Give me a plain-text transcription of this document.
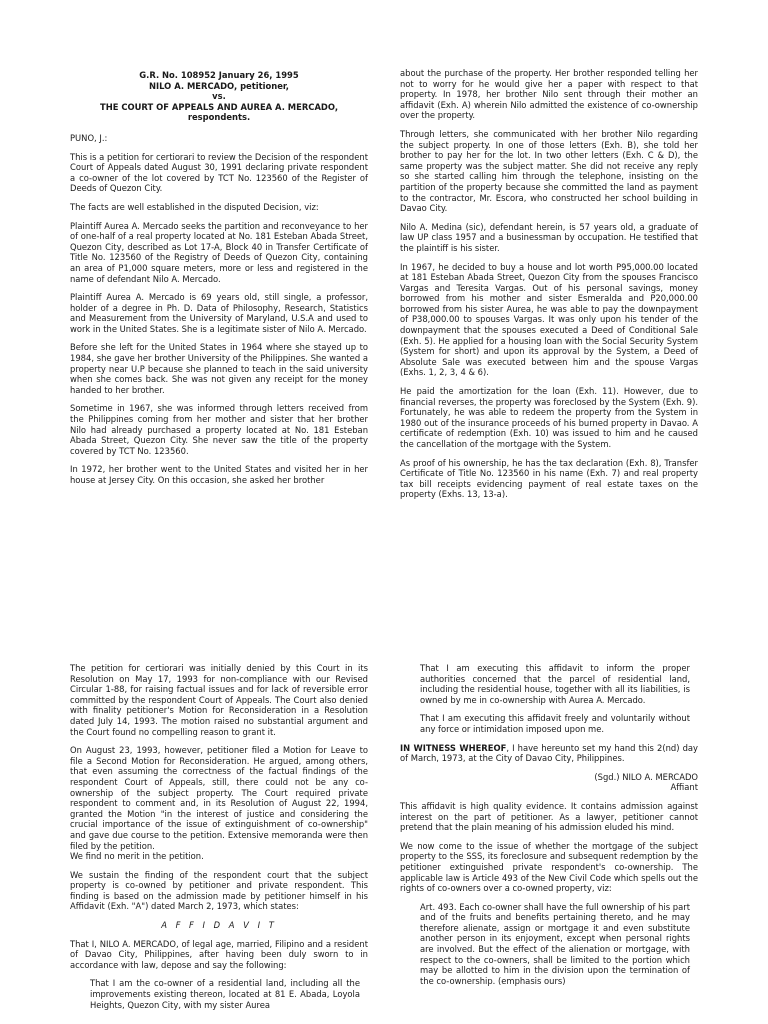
G.R. No. 108952 January 26, 1995
NILO A. MERCADO, petitioner,
vs.
THE COURT OF APPEALS AND AUREA A. MERCADO,
respondents.

PUNO, J.:

This is a petition for certiorari to review the Decision of the respondent Court of Appeals dated August 30, 1991 declaring private respondent a co-owner of the lot covered by TCT No. 123560 of the Register of Deeds of Quezon City.

The facts are well established in the disputed Decision, viz:

Plaintiff Aurea A. Mercado seeks the partition and reconveyance to her of one-half of a real property located at No. 181 Esteban Abada Street, Quezon City, described as Lot 17-A, Block 40 in Transfer Certificate of Title No. 123560 of the Registry of Deeds of Quezon City, containing an area of P1,000 square meters, more or less and registered in the name of defendant Nilo A. Mercado.

Plaintiff Aurea A. Mercado is 69 years old, still single, a professor, holder of a degree in Ph. D. Data of Philosophy, Research, Statistics and Measurement from the University of Maryland, U.S.A and used to work in the United States. She is a legitimate sister of Nilo A. Mercado.

Before she left for the United States in 1964 where she stayed up to 1984, she gave her brother University of the Philippines. She wanted a property near U.P because she planned to teach in the said university when she comes back. She was not given any receipt for the money handed to her brother.

Sometime in 1967, she was informed through letters received from the Philippines coming from her mother and sister that her brother Nilo had already purchased a property located at No. 181 Esteban Abada Street, Quezon City. She never saw the title of the property covered by TCT No. 123560.

In 1972, her brother went to the United States and visited her in her house at Jersey City. On this occasion, she asked her brother

about the purchase of the property. Her brother responded telling her not to worry for he would give her a paper with respect to that property. In 1978, her brother Nilo sent through their mother an affidavit (Exh. A) wherein Nilo admitted the existence of co-ownership over the property.

Through letters, she communicated with her brother Nilo regarding the subject property. In one of those letters (Exh. B), she told her brother to pay her for the lot. In two other letters (Exh. C & D), the same property was the subject matter. She did not receive any reply so she started calling him through the telephone, insisting on the partition of the property because she committed the land as payment to the contractor, Mr. Escora, who constructed her school building in Davao City.

Nilo A. Medina (sic), defendant herein, is 57 years old, a graduate of law UP class 1957 and a businessman by occupation. He testified that the plaintiff is his sister.

In 1967, he decided to buy a house and lot worth P95,000.00 located at 181 Esteban Abada Street, Quezon City from the spouses Francisco Vargas and Teresita Vargas. Out of his personal savings, money borrowed from his mother and sister Esmeralda and P20,000.00 borrowed from his sister Aurea, he was able to pay the downpayment of P38,000.00 to spouses Vargas. It was only upon his tender of the downpayment that the spouses executed a Deed of Conditional Sale (Exh. 5). He applied for a housing loan with the Social Security System (System for short) and upon its approval by the System, a Deed of Absolute Sale was executed between him and the spouse Vargas (Exhs. 1, 2, 3, 4 & 6).

He paid the amortization for the loan (Exh. 11). However, due to financial reverses, the property was foreclosed by the System (Exh. 9). Fortunately, he was able to redeem the property from the System in 1980 out of the insurance proceeds of his burned property in Davao. A certificate of redemption (Exh. 10) was issued to him and he caused the cancellation of the mortgage with the System.

As proof of his ownership, he has the tax declaration (Exh. 8), Transfer Certificate of Title No. 123560 in his name (Exh. 7) and real property tax bill receipts evidencing payment of real estate taxes on the property (Exhs. 13, 13-a).

The petition for certiorari was initially denied by this Court in its Resolution on May 17, 1993 for non-compliance with our Revised Circular 1-88, for raising factual issues and for lack of reversible error committed by the respondent Court of Appeals. The Court also denied with finality petitioner's Motion for Reconsideration in a Resolution dated July 14, 1993. The motion raised no substantial argument and the Court found no compelling reason to grant it.

On August 23, 1993, however, petitioner filed a Motion for Leave to file a Second Motion for Reconsideration. He argued, among others, that even assuming the correctness of the factual findings of the respondent Court of Appeals, still, there could not be any co-ownership of the subject property. The Court required private respondent to comment and, in its Resolution of August 22, 1994, granted the Motion "in the interest of justice and considering the crucial importance of the issue of extinguishment of co-ownership" and gave due course to the petition. Extensive memoranda were then filed by the petition.

We find no merit in the petition.

We sustain the finding of the respondent court that the subject property is co-owned by petitioner and private respondent. This finding is based on the admission made by petitioner himself in his Affidavit (Exh. "A") dated March 2, 1973, which states:

A F F I D A V I T

That I, NILO A. MERCADO, of legal age, married, Filipino and a resident of Davao City, Philippines, after having been duly sworn to in accordance with law, depose and say the following:

That I am the co-owner of a residential land, including all the improvements existing thereon, located at 81 E. Abada, Loyola Heights, Quezon City, with my sister Aurea

That I am executing this affidavit to inform the proper authorities concerned that the parcel of residential land, including the residential house, together with all its liabilities, is owned by me in co-ownership with Aurea A. Mercado.

That I am executing this affidavit freely and voluntarily without any force or intimidation imposed upon me.

IN WITNESS WHEREOF, I have hereunto set my hand this 2(nd) day of March, 1973, at the City of Davao City, Philippines.

(Sgd.) NILO A. MERCADO

Affiant

This affidavit is high quality evidence. It contains admission against interest on the part of petitioner. As a lawyer, petitioner cannot pretend that the plain meaning of his admission eluded his mind.

We now come to the issue of whether the mortgage of the subject property to the SSS, its foreclosure and subsequent redemption by the petitioner extinguished private respondent's co-ownership. The applicable law is Article 493 of the New Civil Code which spells out the rights of co-owners over a co-owned property, viz:

Art. 493. Each co-owner shall have the full ownership of his part and of the fruits and benefits pertaining thereto, and he may therefore alienate, assign or mortgage it and even substitute another person in its enjoyment, except when personal rights are involved. But the effect of the alienation or mortgage, with respect to the co-owners, shall be limited to the portion which may be allotted to him in the division upon the termination of the co-ownership. (emphasis ours)
